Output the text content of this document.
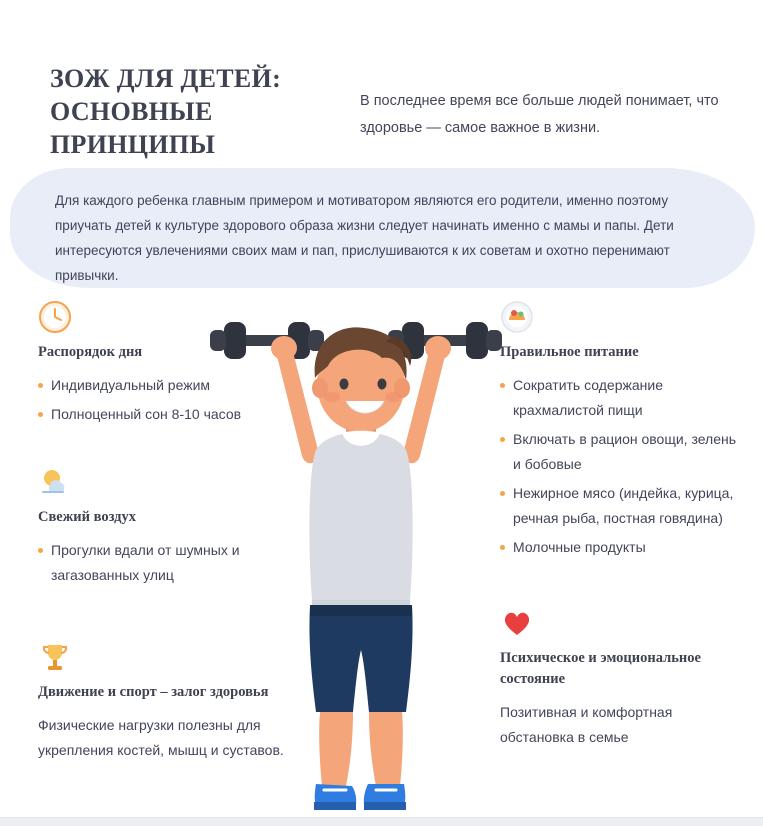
ЗОЖ ДЛЯ ДЕТЕЙ: ОСНОВНЫЕ ПРИНЦИПЫ
В последнее время все больше людей понимает, что здоровье — самое важное в жизни.
Для каждого ребенка главным примером и мотиватором являются его родители, именно поэтому приучать детей к культуре здорового образа жизни следует начинать именно с мамы и папы. Дети интересуются увлечениями своих мам и пап, прислушиваются к их советам и охотно перенимают привычки.
Распорядок дня
Индивидуальный режим
Полноценный сон 8-10 часов
Свежий воздух
Прогулки вдали от шумных и загазованных улиц
Движение и спорт – залог здоровья
Физические нагрузки полезны для укрепления костей, мышц и суставов.
Правильное питание
Сократить содержание крахмалистой пищи
Включать в рацион овощи, зелень и бобовые
Нежирное мясо (индейка, курица, речная рыба, постная говядина)
Молочные продукты
Психическое и эмоциональное состояние
Позитивная и комфортная обстановка в семье
